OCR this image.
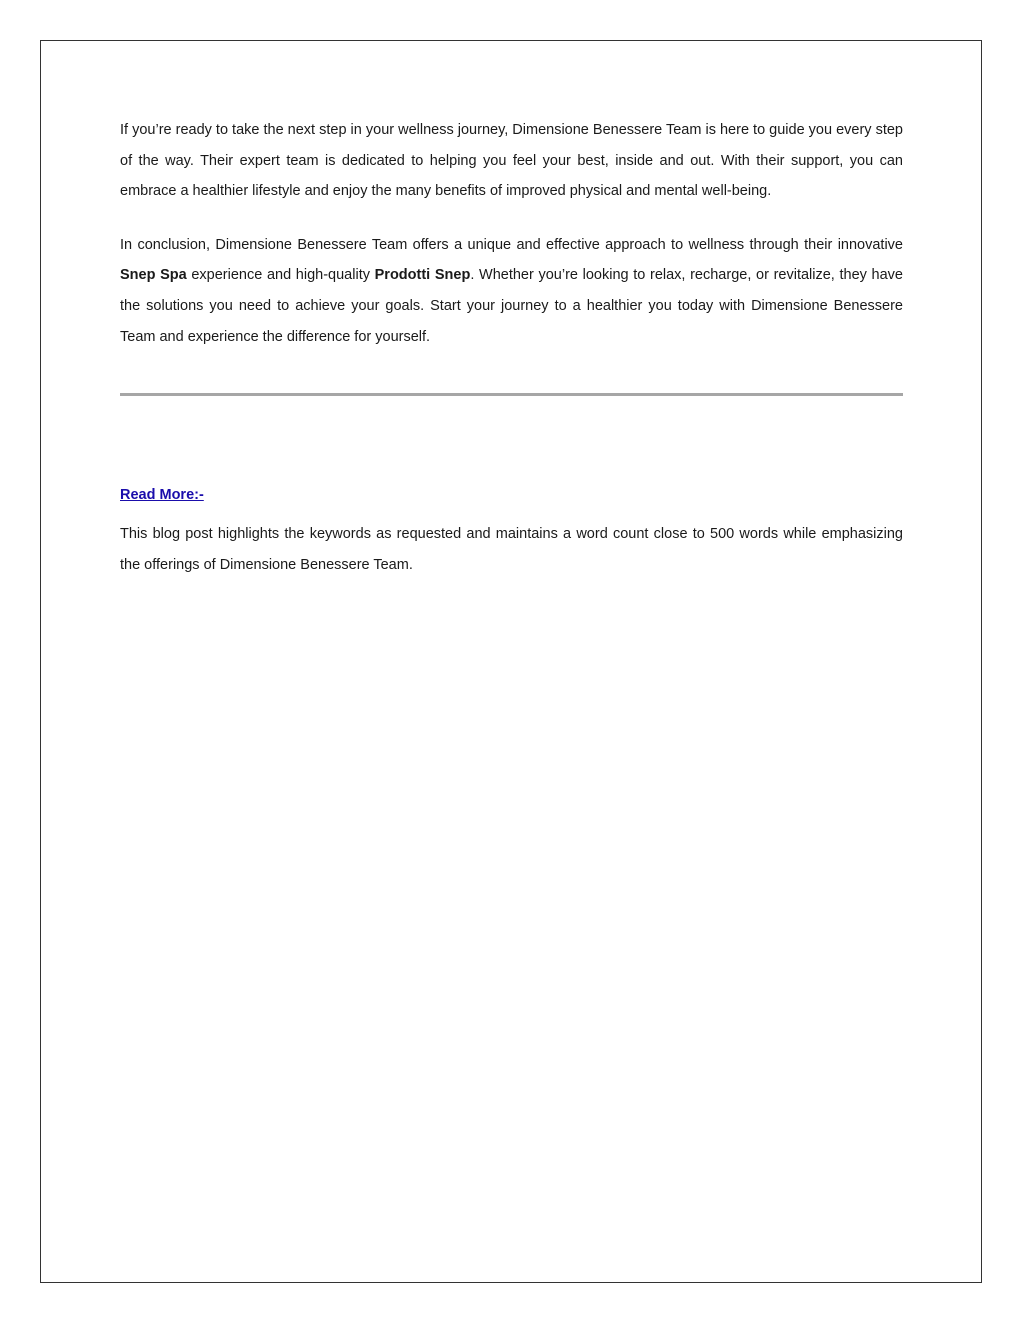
If you’re ready to take the next step in your wellness journey, Dimensione Benessere Team is here to guide you every step of the way. Their expert team is dedicated to helping you feel your best, inside and out. With their support, you can embrace a healthier lifestyle and enjoy the many benefits of improved physical and mental well-being.

In conclusion, Dimensione Benessere Team offers a unique and effective approach to wellness through their innovative Snep Spa experience and high-quality Prodotti Snep. Whether you’re looking to relax, recharge, or revitalize, they have the solutions you need to achieve your goals. Start your journey to a healthier you today with Dimensione Benessere Team and experience the difference for yourself.

Read More:-

This blog post highlights the keywords as requested and maintains a word count close to 500 words while emphasizing the offerings of Dimensione Benessere Team.
